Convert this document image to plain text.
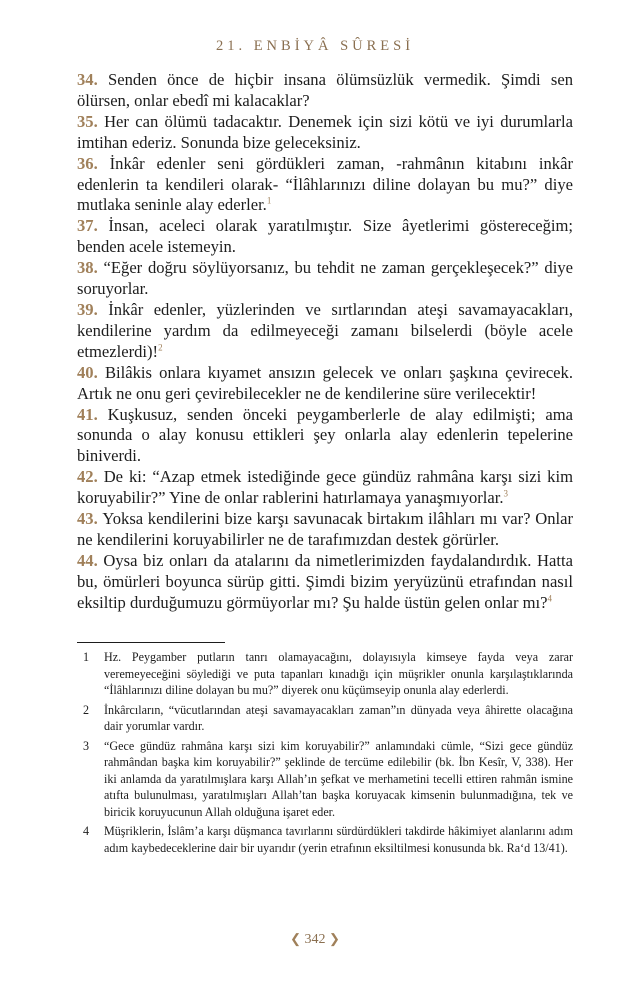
21. ENBİYÂ SÛRESİ

34. Senden önce de hiçbir insana ölümsüzlük vermedik. Şimdi sen ölürsen, onlar ebedî mi kalacaklar?

35. Her can ölümü tadacaktır. Denemek için sizi kötü ve iyi durumlarla imtihan ederiz. Sonunda bize geleceksiniz.

36. İnkâr edenler seni gördükleri zaman, -rahmânın kitabını inkâr edenlerin ta kendileri olarak- “İlâhlarınızı diline dolayan bu mu?” diye mutlaka seninle alay ederler.$^1$

37. İnsan, aceleci olarak yaratılmıştır. Size âyetlerimi göstereceğim; benden acele istemeyin.

38. “Eğer doğru söylüyorsanız, bu tehdit ne zaman gerçekleşecek?” diye soruyorlar.

39. İnkâr edenler, yüzlerinden ve sırtlarından ateşi savamayacakları, kendilerine yardım da edilmeyeceği zamanı bilselerdi (böyle acele etmezlerdi)!$^2$

40. Bilâkis onlara kıyamet ansızın gelecek ve onları şaşkına çevirecek. Artık ne onu geri çevirebilecekler ne de kendilerine süre verilecektir!

41. Kuşkusuz, senden önceki peygamberlerle de alay edilmişti; ama sonunda o alay konusu ettikleri şey onlarla alay edenlerin tepelerine biniverdi.

42. De ki: “Azap etmek istediğinde gece gündüz rahmâna karşı sizi kim koruyabilir?” Yine de onlar rablerini hatırlamaya yanaşmıyorlar.$^3$

43. Yoksa kendilerini bize karşı savunacak birtakım ilâhları mı var? Onlar ne kendilerini koruyabilirler ne de tarafımızdan destek görürler.

44. Oysa biz onları da atalarını da nimetlerimizden faydalandırdık. Hatta bu, ömürleri boyunca sürüp gitti. Şimdi bizim yeryüzünü etrafından nasıl eksiltip durduğumuzu görmüyorlar mı? Şu halde üstün gelen onlar mı?$^4$

1 Hz. Peygamber putların tanrı olamayacağını, dolayısıyla kimseye fayda veya zarar veremeyeceğini söylediği ve puta tapanları kınadığı için müşrikler onunla karşılaştıklarında “İlâhlarınızı diline dolayan bu mu?” diyerek onu küçümseyip onunla alay ederlerdi.

2 İnkârcıların, “vücutlarından ateşi savamayacakları zaman”ın dünyada veya âhirette olacağına dair yorumlar vardır.

3 “Gece gündüz rahmâna karşı sizi kim koruyabilir?” anlamındaki cümle, “Sizi gece gündüz rahmândan başka kim koruyabilir?” şeklinde de tercüme edilebilir (bk. İbn Kesîr, V, 338). Her iki anlamda da yaratılmışlara karşı Allah’ın şefkat ve merhametini tecelli ettiren rahmân ismine atıfta bulunulması, yaratılmışları Allah’tan başka koruyacak kimsenin bulunmadığına, tek ve biricik koruyucunun Allah olduğuna işaret eder.

4 Müşriklerin, İslâm’a karşı düşmanca tavırlarını sürdürdükleri takdirde hâkimiyet alanlarını adım adım kaybedeceklerine dair bir uyarıdır (yerin etrafının eksiltilmesi konusunda bk. Ra‘d 13/41).

❮ 342 ❯
